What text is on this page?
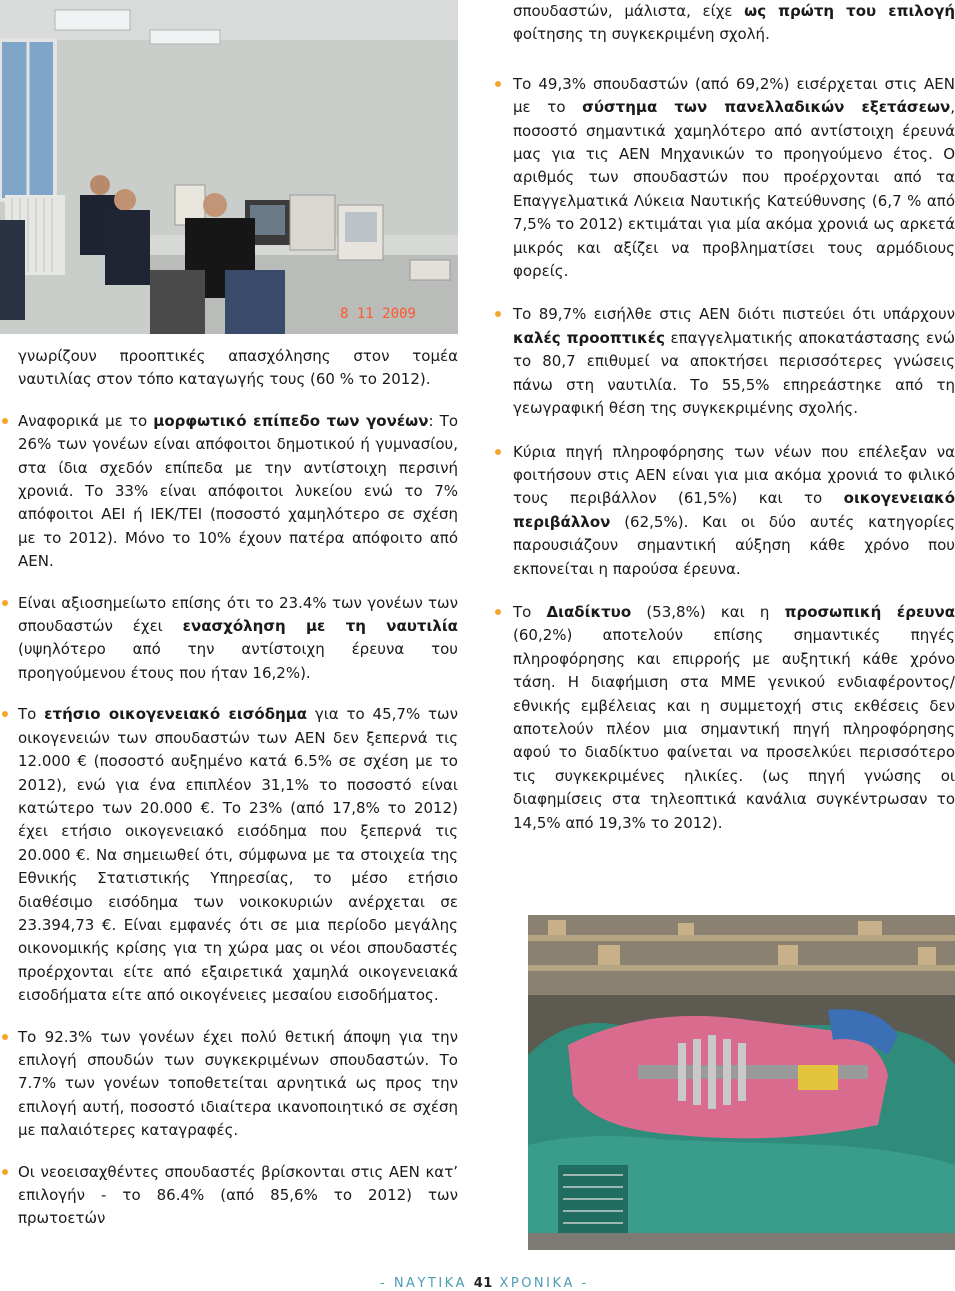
8 11 2009

γνωρίζουν προοπτικές απασχόλησης στον τομέα ναυτιλίας στον τόπο καταγωγής τους (60 % το 2012).

Αναφορικά με το μορφωτικό επίπεδο των γονέων: Το 26% των γονέων είναι απόφοιτοι δημοτικού ή γυμνασίου, στα ίδια σχεδόν επίπεδα με την αντίστοιχη περσινή χρονιά. Το 33% είναι απόφοιτοι λυκείου ενώ το 7% απόφοιτοι ΑΕΙ ή ΙΕΚ/ΤΕΙ (ποσοστό χαμηλότερο σε σχέση με το 2012). Μόνο το 10% έχουν πατέρα απόφοιτο από ΑΕΝ.
Είναι αξιοσημείωτο επίσης ότι το 23.4% των γονέων των σπουδαστών έχει ενασχόληση με τη ναυτιλία (υψηλότερο από την αντίστοιχη έρευνα του προηγούμενου έτους που ήταν 16,2%).
Το ετήσιο οικογενειακό εισόδημα για το 45,7% των οικογενειών των σπουδαστών των ΑΕΝ δεν ξεπερνά τις 12.000 € (ποσοστό αυξημένο κατά 6.5% σε σχέση με το 2012), ενώ για ένα επιπλέον 31,1% το ποσοστό είναι κατώτερο των 20.000 €. Το 23% (από 17,8% το 2012) έχει ετήσιο οικογενειακό εισόδημα που ξεπερνά τις 20.000 €. Να σημειωθεί ότι, σύμφωνα με τα στοιχεία της Εθνικής Στατιστικής Υπηρεσίας, το μέσο ετήσιο διαθέσιμο εισόδημα των νοικοκυριών ανέρχεται σε 23.394,73 €. Είναι εμφανές ότι σε μια περίοδο μεγάλης οικονομικής κρίσης για τη χώρα μας οι νέοι σπουδαστές προέρχονται είτε από εξαιρετικά χαμηλά οικογενειακά εισοδήματα είτε από οικογένειες μεσαίου εισοδήματος.
Το 92.3% των γονέων έχει πολύ θετική άποψη για την επιλογή σπουδών των συγκεκριμένων σπουδαστών. Το 7.7% των γονέων τοποθετείται αρνητικά ως προς την επιλογή αυτή, ποσοστό ιδιαίτερα ικανοποιητικό σε σχέση με παλαιότερες καταγραφές.
Οι νεοεισαχθέντες σπουδαστές βρίσκονται στις ΑΕΝ κατ’ επιλογήν - το 86.4% (από 85,6% το 2012) των πρωτοετών

σπουδαστών, μάλιστα, είχε ως πρώτη του επιλογή φοίτησης τη συγκεκριμένη σχολή.

Το 49,3% σπουδαστών (από 69,2%) εισέρχεται στις ΑΕΝ με το σύστημα των πανελλαδικών εξετάσεων, ποσοστό σημαντικά χαμηλότερο από αντίστοιχη έρευνά μας για τις ΑΕΝ Μηχανικών το προηγούμενο έτος. Ο αριθμός των σπουδαστών που προέρχονται από τα Επαγγελματικά Λύκεια Ναυτικής Κατεύθυνσης (6,7 % από 7,5% το 2012) εκτιμάται για μία ακόμα χρονιά ως αρκετά μικρός και αξίζει να προβληματίσει τους αρμόδιους φορείς.
Το 89,7% εισήλθε στις ΑΕΝ διότι πιστεύει ότι υπάρχουν καλές προοπτικές επαγγελματικής αποκατάστασης ενώ το 80,7 επιθυμεί να αποκτήσει περισσότερες γνώσεις πάνω στη ναυτιλία. Το 55,5% επηρεάστηκε από τη γεωγραφική θέση της συγκεκριμένης σχολής.
Κύρια πηγή πληροφόρησης των νέων που επέλεξαν να φοιτήσουν στις ΑΕΝ είναι για μια ακόμα χρονιά το φιλικό τους περιβάλλον (61,5%) και το οικογενειακό περιβάλλον (62,5%). Και οι δύο αυτές κατηγορίες παρουσιάζουν σημαντική αύξηση κάθε χρόνο που εκπονείται η παρούσα έρευνα.
Το Διαδίκτυο (53,8%) και η προσωπική έρευνα (60,2%) αποτελούν επίσης σημαντικές πηγές πληροφόρησης και επιρροής με αυξητική κάθε χρόνο τάση. Η διαφήμιση στα ΜΜΕ γενικού ενδιαφέροντος/εθνικής εμβέλειας και η συμμετοχή στις εκθέσεις δεν αποτελούν πλέον μια σημαντική πηγή πληροφόρησης αφού το διαδίκτυο φαίνεται να προσελκύει περισσότερο τις συγκεκριμένες ηλικίες. (ως πηγή γνώσης οι διαφημίσεις στα τηλεοπτικά κανάλια συγκέντρωσαν το 14,5% από 19,3% το 2012).
- ΝΑΥΤΙΚΑ 41 ΧΡΟΝΙΚΑ -
